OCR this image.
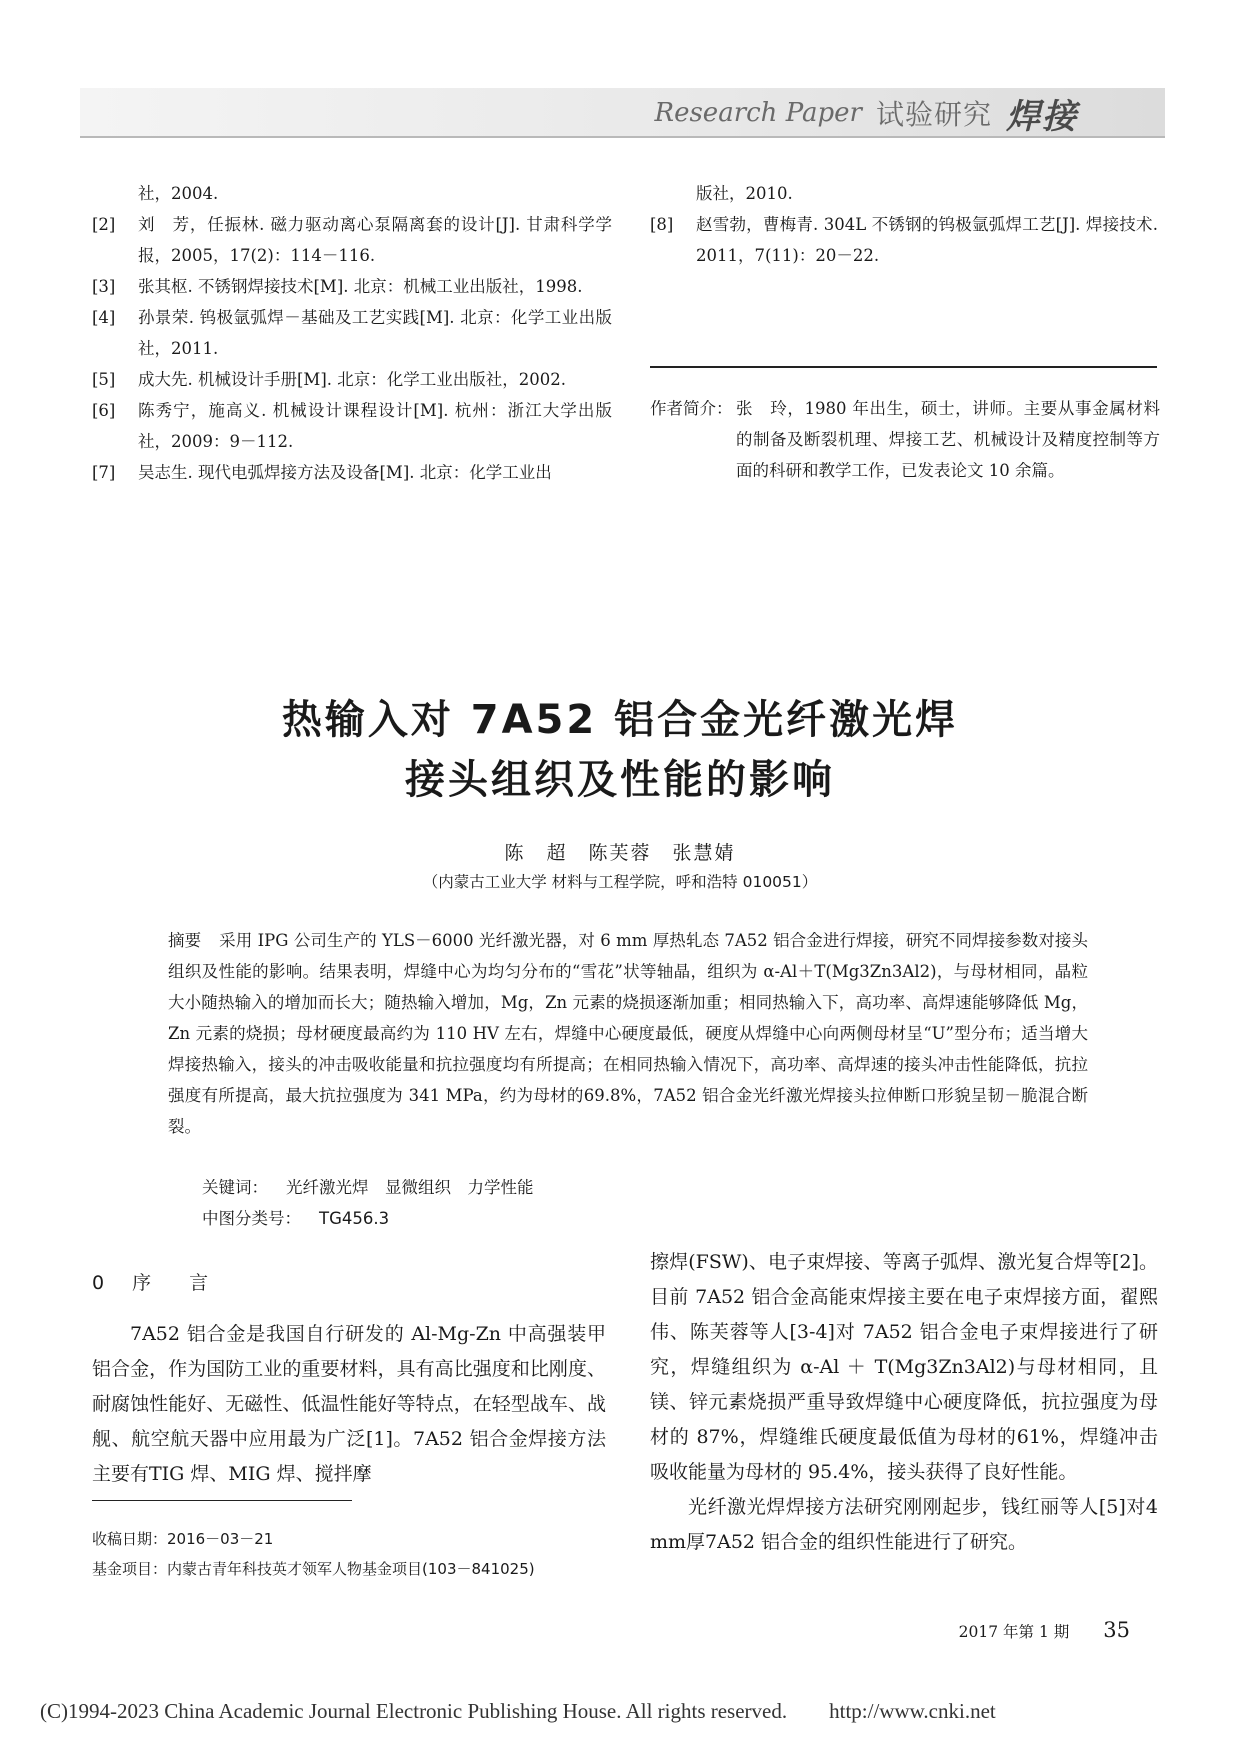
Research Paper 试验研究 焊接
社，2004.
[2]	刘　芳，任振林. 磁力驱动离心泵隔离套的设计[J]. 甘肃科学学报，2005，17(2)：114－116.
[3]	张其枢. 不锈钢焊接技术[M]. 北京：机械工业出版社，1998.
[4]	孙景荣. 钨极氩弧焊－基础及工艺实践[M]. 北京：化学工业出版社，2011.
[5]	成大先. 机械设计手册[M]. 北京：化学工业出版社，2002.
[6]	陈秀宁，施高义. 机械设计课程设计[M]. 杭州：浙江大学出版社，2009：9－112.
[7]	吴志生. 现代电弧焊接方法及设备[M]. 北京：化学工业出
版社，2010.
[8]	赵雪勃，曹梅青. 304L 不锈钢的钨极氩弧焊工艺[J]. 焊接技术. 2011，7(11)：20－22.
作者简介： 张　玲，1980 年出生，硕士，讲师。主要从事金属材料的制备及断裂机理、焊接工艺、机械设计及精度控制等方面的科研和教学工作，已发表论文 10 余篇。
热输入对 7A52 铝合金光纤激光焊
接头组织及性能的影响
陈　超　陈芙蓉　张慧婧
（内蒙古工业大学 材料与工程学院，呼和浩特 010051）
摘要 采用 IPG 公司生产的 YLS－6000 光纤激光器，对 6 mm 厚热轧态 7A52 铝合金进行焊接，研究不同焊接参数对接头组织及性能的影响。结果表明，焊缝中心为均匀分布的“雪花”状等轴晶，组织为 α-Al＋T(Mg3Zn3Al2)，与母材相同，晶粒大小随热输入的增加而长大；随热输入增加，Mg，Zn 元素的烧损逐渐加重；相同热输入下，高功率、高焊速能够降低 Mg，Zn 元素的烧损；母材硬度最高约为 110 HV 左右，焊缝中心硬度最低，硬度从焊缝中心向两侧母材呈“U”型分布；适当增大焊接热输入，接头的冲击吸收能量和抗拉强度均有所提高；在相同热输入情况下，高功率、高焊速的接头冲击性能降低，抗拉强度有所提高，最大抗拉强度为 341 MPa，约为母材的69.8%，7A52 铝合金光纤激光焊接头拉伸断口形貌呈韧－脆混合断裂。
关键词： 光纤激光焊　显微组织　力学性能
中图分类号： TG456.3
0 序言

7A52 铝合金是我国自行研发的 Al-Mg-Zn 中高强装甲铝合金，作为国防工业的重要材料，具有高比强度和比刚度、耐腐蚀性能好、无磁性、低温性能好等特点，在轻型战车、战舰、航空航天器中应用最为广泛[1]。7A52 铝合金焊接方法主要有TIG 焊、MIG 焊、搅拌摩

擦焊(FSW)、电子束焊接、等离子弧焊、激光复合焊等[2]。目前 7A52 铝合金高能束焊接主要在电子束焊接方面，翟熙伟、陈芙蓉等人[3-4]对 7A52 铝合金电子束焊接进行了研究，焊缝组织为 α-Al ＋ T(Mg3Zn3Al2)与母材相同，且镁、锌元素烧损严重导致焊缝中心硬度降低，抗拉强度为母材的 87%，焊缝维氏硬度最低值为母材的61%，焊缝冲击吸收能量为母材的 95.4%，接头获得了良好性能。

光纤激光焊焊接方法研究刚刚起步，钱红丽等人[5]对4 mm厚7A52 铝合金的组织性能进行了研究。

收稿日期：2016－03－21
基金项目：内蒙古青年科技英才领军人物基金项目(103－841025)
2017 年第 1 期 35
(C)1994-2023 China Academic Journal Electronic Publishing House. All rights reserved.　　http://www.cnki.net
